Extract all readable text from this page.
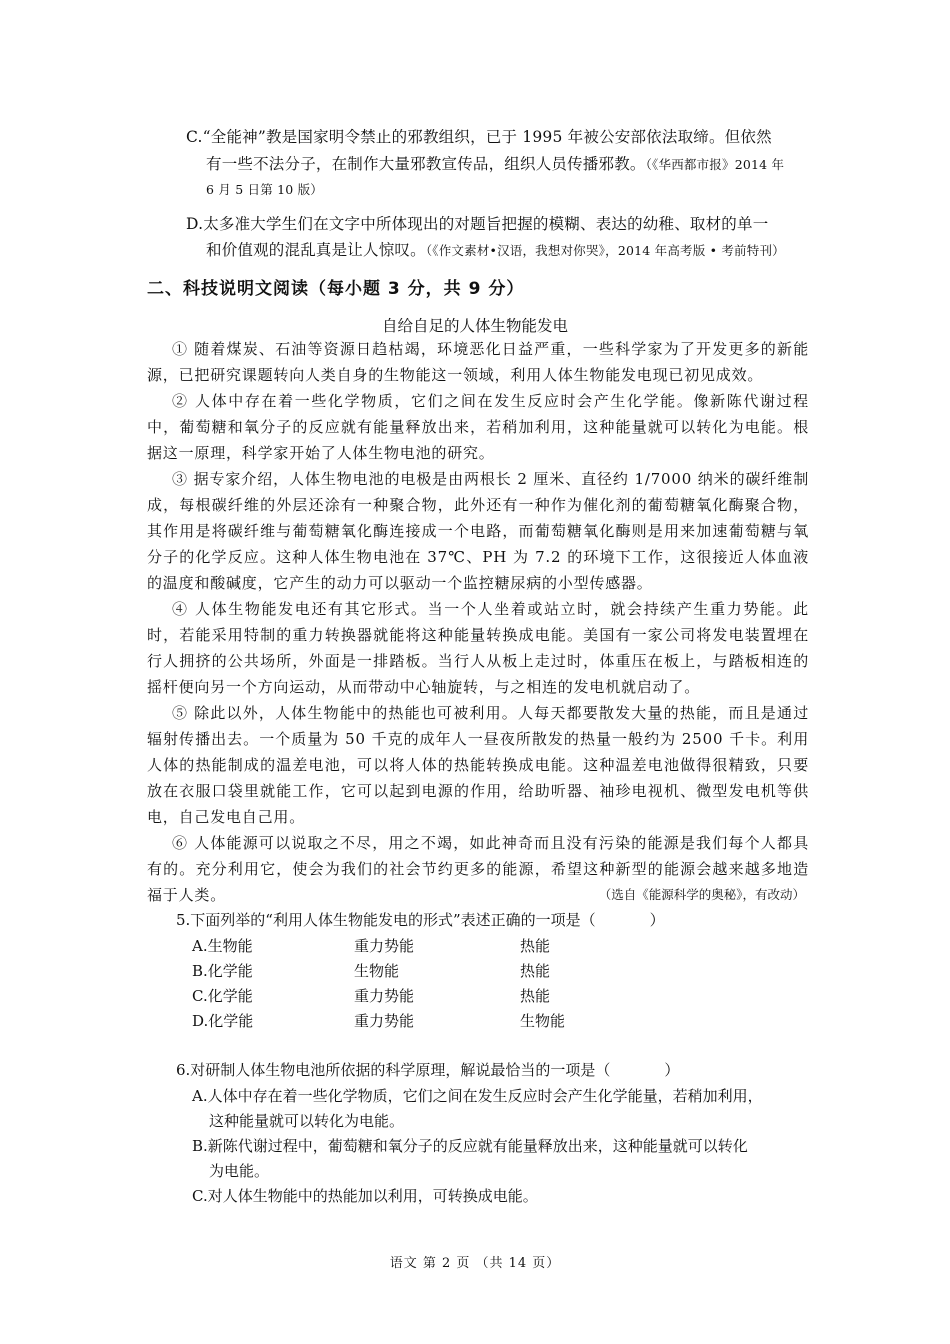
C.“全能神”教是国家明令禁止的邪教组织，已于 1995 年被公安部依法取缔。但依然
有一些不法分子，在制作大量邪教宣传品，组织人员传播邪教。（《华西都市报》2014 年
6 月 5 日第 10 版）
D.太多准大学生们在文字中所体现出的对题旨把握的模糊、表达的幼稚、取材的单一
和价值观的混乱真是让人惊叹。（《作文素材•汉语，我想对你哭》，2014 年高考版 • 考前特刊）
二、科技说明文阅读（每小题 3 分，共 9 分）
自给自足的人体生物能发电

① 随着煤炭、石油等资源日趋枯竭，环境恶化日益严重，一些科学家为了开发更多的新能源，已把研究课题转向人类自身的生物能这一领域，利用人体生物能发电现已初见成效。

② 人体中存在着一些化学物质，它们之间在发生反应时会产生化学能。像新陈代谢过程中，葡萄糖和氧分子的反应就有能量释放出来，若稍加利用，这种能量就可以转化为电能。根据这一原理，科学家开始了人体生物电池的研究。

③ 据专家介绍，人体生物电池的电极是由两根长 2 厘米、直径约 1/7000 纳米的碳纤维制成，每根碳纤维的外层还涂有一种聚合物，此外还有一种作为催化剂的葡萄糖氧化酶聚合物，其作用是将碳纤维与葡萄糖氧化酶连接成一个电路，而葡萄糖氧化酶则是用来加速葡萄糖与氧分子的化学反应。这种人体生物电池在 37℃、PH 为 7.2 的环境下工作，这很接近人体血液的温度和酸碱度，它产生的动力可以驱动一个监控糖尿病的小型传感器。

④ 人体生物能发电还有其它形式。当一个人坐着或站立时，就会持续产生重力势能。此时，若能采用特制的重力转换器就能将这种能量转换成电能。美国有一家公司将发电装置埋在行人拥挤的公共场所，外面是一排踏板。当行人从板上走过时，体重压在板上，与踏板相连的摇杆便向另一个方向运动，从而带动中心轴旋转，与之相连的发电机就启动了。

⑤ 除此以外，人体生物能中的热能也可被利用。人每天都要散发大量的热能，而且是通过辐射传播出去。一个质量为 50 千克的成年人一昼夜所散发的热量一般约为 2500 千卡。利用人体的热能制成的温差电池，可以将人体的热能转换成电能。这种温差电池做得很精致，只要放在衣服口袋里就能工作，它可以起到电源的作用，给助听器、袖珍电视机、微型发电机等供电，自己发电自己用。

⑥ 人体能源可以说取之不尽，用之不竭，如此神奇而且没有污染的能源是我们每个人都具有的。充分利用它，使会为我们的社会节约更多的能源，希望这种新型的能源会越来越多地造福于人类。	（选自《能源科学的奥秘》，有改动）
5.下面列举的“利用人体生物能发电的形式”表述正确的一项是（	）
A.生物能	重力势能	热能
B.化学能	生物能	热能
C.化学能	重力势能	热能
D.化学能	重力势能	生物能
6.对研制人体生物电池所依据的科学原理，解说最恰当的一项是（	）
A.人体中存在着一些化学物质，它们之间在发生反应时会产生化学能量，若稍加利用，
这种能量就可以转化为电能。
B.新陈代谢过程中，葡萄糖和氧分子的反应就有能量释放出来，这种能量就可以转化
为电能。
C.对人体生物能中的热能加以利用，可转换成电能。
语文 第 2 页 （共 14 页）
